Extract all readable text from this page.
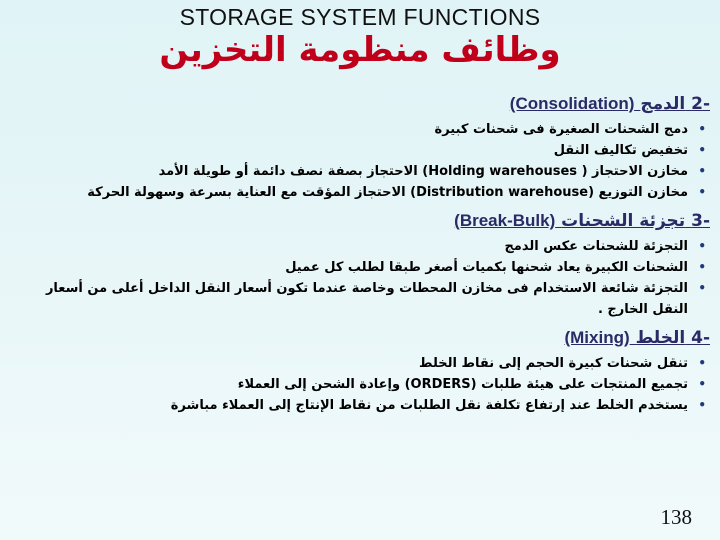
STORAGE SYSTEM FUNCTIONS
وظائف منظومة التخزين
-2 الدمج (Consolidation)
•
دمج الشحنات الصغيرة فى شحنات كبيرة
•
تخفيض تكاليف النقل
•
مخازن الاحتجاز ( Holding warehouses) الاحتجاز بصفة نصف دائمة أو طويلة الأمد
•
مخازن التوزيع (Distribution warehouse) الاحتجاز المؤقت مع العناية بسرعة وسهولة الحركة
-3 تجزئة الشحنات (Break-Bulk)
•
التجزئة للشحنات عكس الدمج
•
الشحنات الكبيرة يعاد شحنها بكميات أصغر طبقا لطلب كل عميل
•
التجزئة شائعة الاستخدام فى مخازن المحطات وخاصة عندما تكون أسعار النقل الداخل أعلى من أسعار النقل الخارج .
-4 الخلط (Mixing)
•
تنقل شحنات كبيرة الحجم إلى نقاط الخلط
•
تجميع المنتجات على هيئة طلبات (ORDERS) وإعادة الشحن إلى العملاء
•
يستخدم الخلط عند إرتفاع تكلفة نقل الطلبات من نقاط الإنتاج إلى العملاء مباشرة
138
